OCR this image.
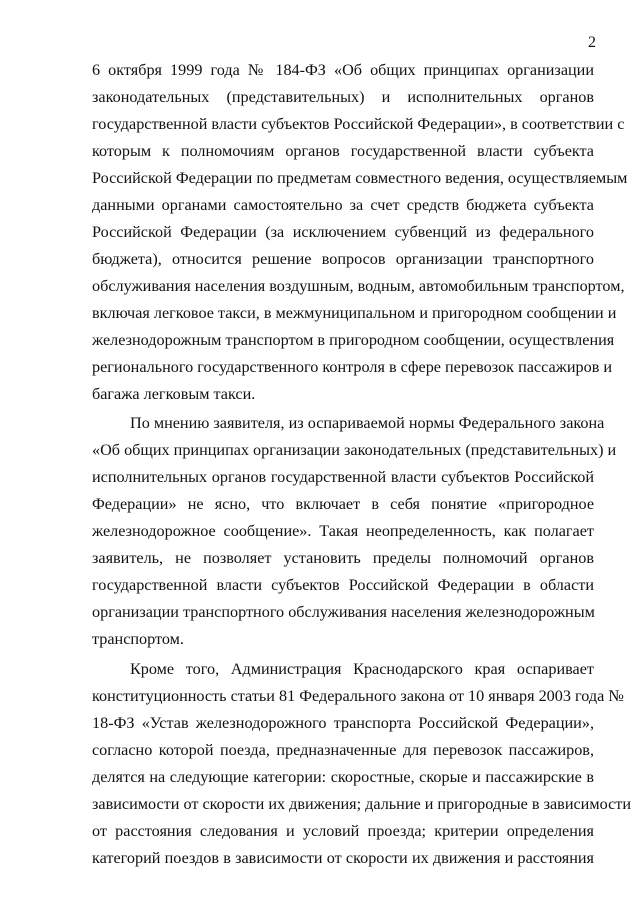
2
6 октября 1999 года № 184-ФЗ «Об общих принципах организации
законодательных (представительных) и исполнительных органов
государственной власти субъектов Российской Федерации», в соответствии с
которым к полномочиям органов государственной власти субъекта
Российской Федерации по предметам совместного ведения, осуществляемым
данными органами самостоятельно за счет средств бюджета субъекта
Российской Федерации (за исключением субвенций из федерального
бюджета), относится решение вопросов организации транспортного
обслуживания населения воздушным, водным, автомобильным транспортом,
включая легковое такси, в межмуниципальном и пригородном сообщении и
железнодорожным транспортом в пригородном сообщении, осуществления
регионального государственного контроля в сфере перевозок пассажиров и
багажа легковым такси.
По мнению заявителя, из оспариваемой нормы Федерального закона
«Об общих принципах организации законодательных (представительных) и
исполнительных органов государственной власти субъектов Российской
Федерации» не ясно, что включает в себя понятие «пригородное
железнодорожное сообщение». Такая неопределенность, как полагает
заявитель, не позволяет установить пределы полномочий органов
государственной власти субъектов Российской Федерации в области
организации транспортного обслуживания населения железнодорожным
транспортом.
Кроме того, Администрация Краснодарского края оспаривает
конституционность статьи 81 Федерального закона от 10 января 2003 года №
18-ФЗ «Устав железнодорожного транспорта Российской Федерации»,
согласно которой поезда, предназначенные для перевозок пассажиров,
делятся на следующие категории: скоростные, скорые и пассажирские в
зависимости от скорости их движения; дальние и пригородные в зависимости
от расстояния следования и условий проезда; критерии определения
категорий поездов в зависимости от скорости их движения и расстояния
